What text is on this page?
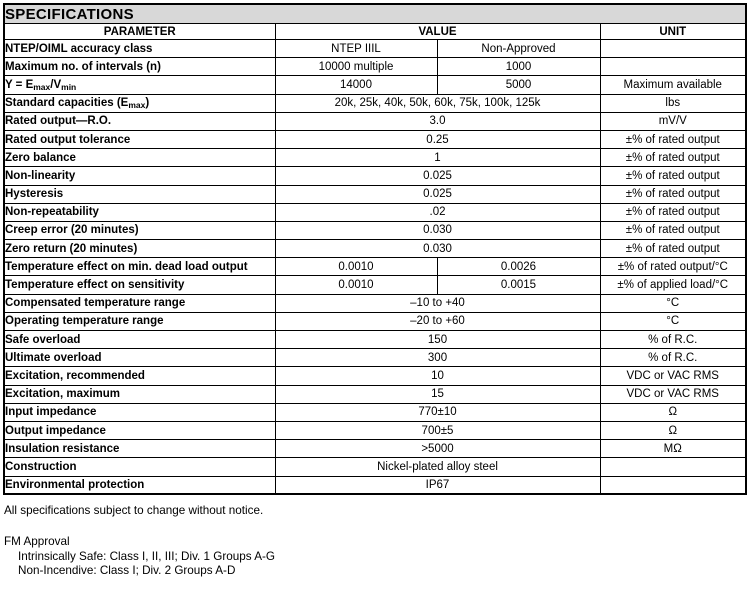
SPECIFICATIONS			
PARAMETER	VALUE		UNIT
NTEP/OIML accuracy class	NTEP IIIL	Non-Approved	
Maximum no. of intervals (n)	10000 multiple	1000	
$Y = E_{max}/V_{min}$	14000	5000	Maximum available
Standard capacities $(E_{max})$	20k, 25k, 40k, 50k, 60k, 75k, 100k, 125k		lbs
Rated output—R.O.	3.0		mV/V
Rated output tolerance	0.25		±% of rated output
Zero balance	1		±% of rated output
Non-linearity	0.025		±% of rated output
Hysteresis	0.025		±% of rated output
Non-repeatability	.02		±% of rated output
Creep error (20 minutes)	0.030		±% of rated output
Zero return (20 minutes)	0.030		±% of rated output
Temperature effect on min. dead load output	0.0010	0.0026	±% of rated output/°C
Temperature effect on sensitivity	0.0010	0.0015	±% of applied load/°C
Compensated temperature range	–10 to +40		°C
Operating temperature range	–20 to +60		°C
Safe overload	150		% of R.C.
Ultimate overload	300		% of R.C.
Excitation, recommended	10		VDC or VAC RMS
Excitation, maximum	15		VDC or VAC RMS
Input impedance	770±10		Ω
Output impedance	700±5		Ω
Insulation resistance	>5000		MΩ
Construction	Nickel-plated alloy steel		
Environmental protection	IP67		
All specifications subject to change without notice.
FM Approval
Intrinsically Safe: Class I, II, III; Div. 1 Groups A-G
Non-Incendive: Class I; Div. 2 Groups A-D
